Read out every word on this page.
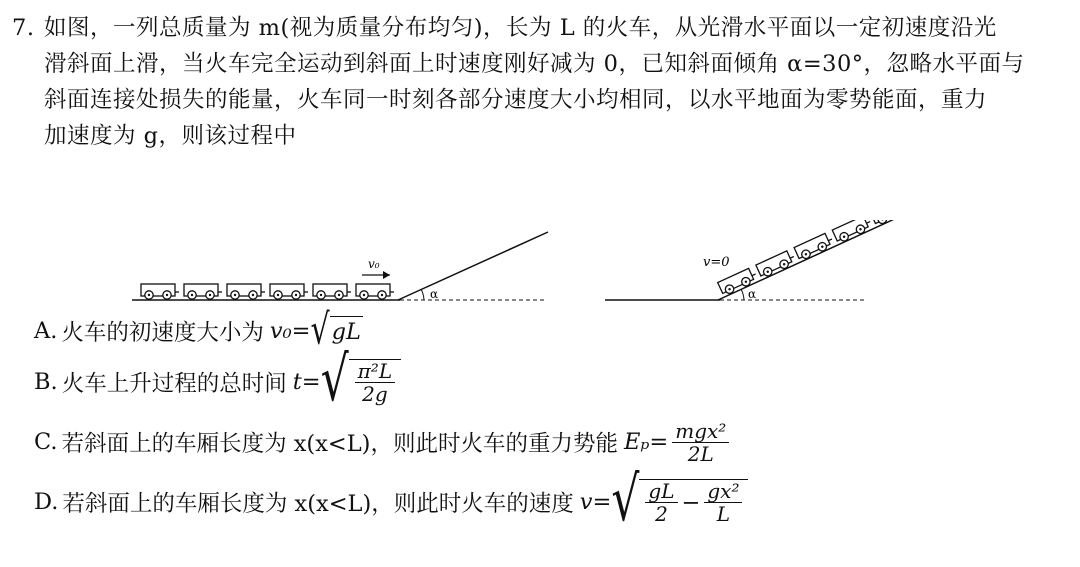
7. 如图，一列总质量为 m(视为质量分布均匀)，长为 L 的火车，从光滑水平面以一定初速度沿光
滑斜面上滑，当火车完全运动到斜面上时速度刚好减为 0，已知斜面倾角 α=30°，忽略水平面与
斜面连接处损失的能量，火车同一时刻各部分速度大小均相同，以水平地面为零势能面，重力
加速度为 g，则该过程中
α
v₀
α
v=0
A. 火车的初速度大小为 v₀= √ gL
B. 火车上升过程的总时间 t= √ $\frac{\text{π²L}}{2g}$
C. 若斜面上的车厢长度为 x(x<L)，则此时火车的重力势能 $E_p= \frac{\text{mgx²}}{2L}$
D. 若斜面上的车厢长度为 x(x<L)，则此时火车的速度 v= √ $\frac{gL}{2} - \frac{\text{gx²}}{L}$
